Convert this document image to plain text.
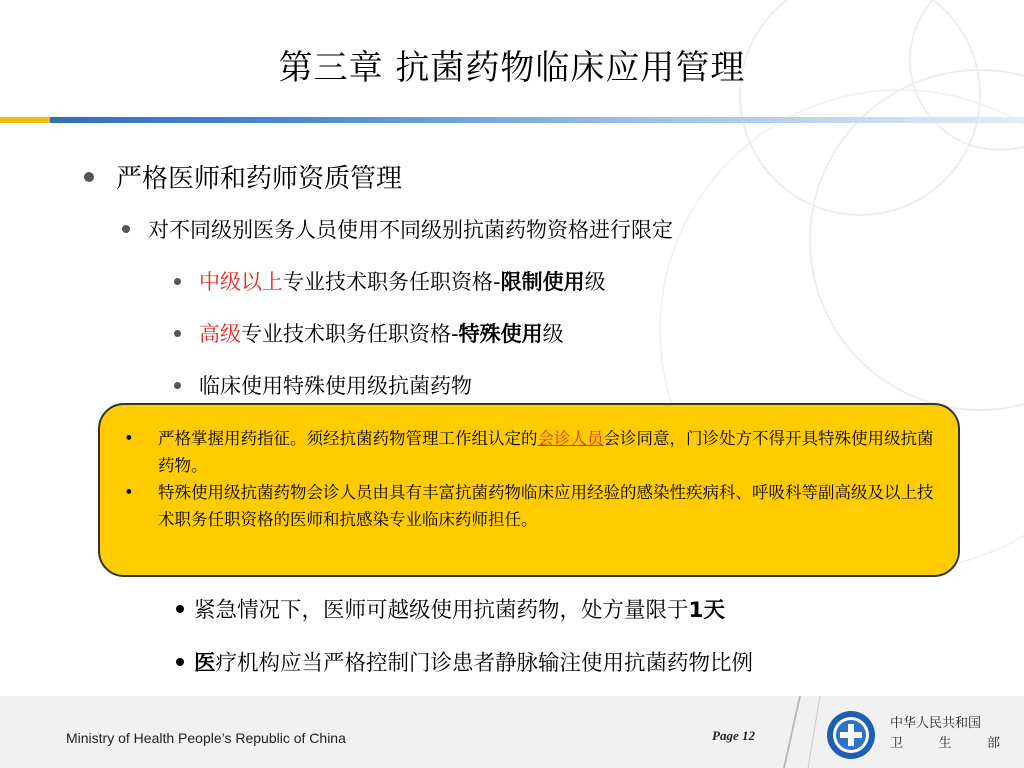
第三章 抗菌药物临床应用管理
严格医师和药师资质管理
对不同级别医务人员使用不同级别抗菌药物资格进行限定
中级以上 专业技术职务任职资格- 限制使用 级
高级 专业技术职务任职资格- 特殊使用 级
临床使用特殊使用级抗菌药物
• 严格掌握用药指征。须经抗菌药物管理工作组认定的会诊人员会诊同意，门诊处方不得开具特殊使用级抗菌药物。
• 特殊使用级抗菌药物会诊人员由具有丰富抗菌药物临床应用经验的感染性疾病科、呼吸科等副高级及以上技术职务任职资格的医师和抗感染专业临床药师担任。
紧急情况下，医师可越级使用抗菌药物，处方量限于 1天
医 疗机构应当严格控制门诊患者静脉输注使用抗菌药物比例
Ministry of Health People’s Republic of China	Page 12
中华人民共和国
卫	生	部
